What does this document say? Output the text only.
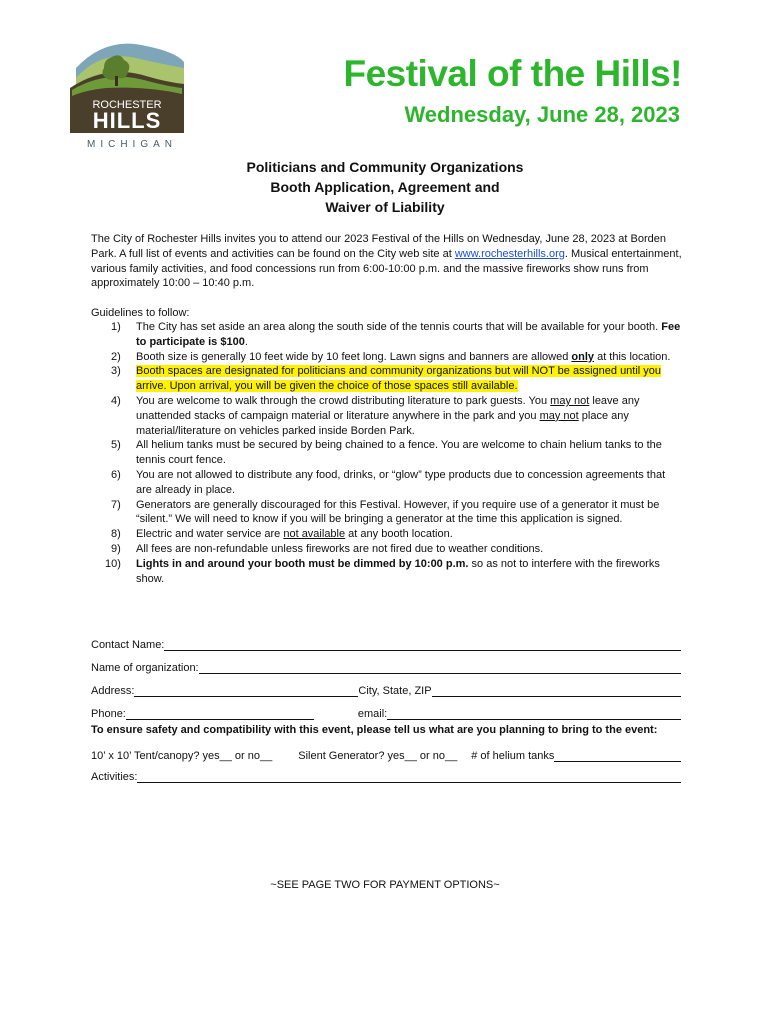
ROCHESTER
HILLS
MICHIGAN
Festival of the Hills!
Wednesday, June 28, 2023
Politicians and Community Organizations
Booth Application, Agreement and
Waiver of Liability
The City of Rochester Hills invites you to attend our 2023 Festival of the Hills on Wednesday, June 28, 2023 at Borden Park. A full list of events and activities can be found on the City web site at www.rochesterhills.org. Musical entertainment, various family activities, and food concessions run from 6:00-10:00 p.m. and the massive fireworks show runs from approximately 10:00 – 10:40 p.m.
Guidelines to follow:
1)	The City has set aside an area along the south side of the tennis courts that will be available for your booth. Fee to participate is $100.
2)	Booth size is generally 10 feet wide by 10 feet long. Lawn signs and banners are allowed only at this location.
3)	Booth spaces are designated for politicians and community organizations but will NOT be assigned until you arrive. Upon arrival, you will be given the choice of those spaces still available.
4)	You are welcome to walk through the crowd distributing literature to park guests. You may not leave any unattended stacks of campaign material or literature anywhere in the park and you may not place any material/literature on vehicles parked inside Borden Park.
5)	All helium tanks must be secured by being chained to a fence. You are welcome to chain helium tanks to the tennis court fence.
6)	You are not allowed to distribute any food, drinks, or “glow” type products due to concession agreements that are already in place.
7)	Generators are generally discouraged for this Festival. However, if you require use of a generator it must be “silent.” We will need to know if you will be bringing a generator at the time this application is signed.
8)	Electric and water service are not available at any booth location.
9)	All fees are non-refundable unless fireworks are not fired due to weather conditions.
10)	Lights in and around your booth must be dimmed by 10:00 p.m. so as not to interfere with the fireworks show.
Contact Name:
Name of organization:
Address:	City, State, ZIP
Phone:	email:
To ensure safety and compatibility with this event, please tell us what are you planning to bring to the event:
10’ x 10’ Tent/canopy? yes__ or no__ Silent Generator? yes__ or no__ # of helium tanks
Activities:
~SEE PAGE TWO FOR PAYMENT OPTIONS~
